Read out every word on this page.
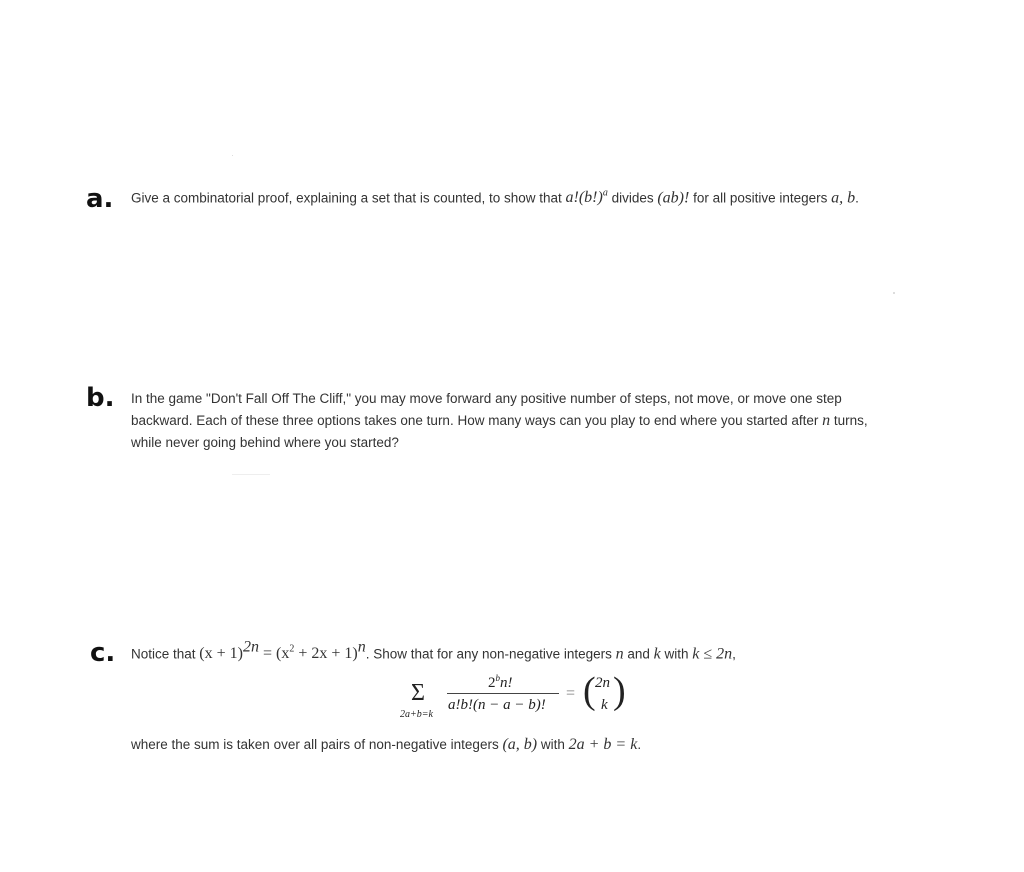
a.
b.
c.
Give a combinatorial proof, explaining a set that is counted, to show that $a!(b!)^a$ divides (ab)! for all positive integers a, b.
In the game "Don't Fall Off The Cliff," you may move forward any positive number of steps, not move, or move one step backward. Each of these three options takes one turn. How many ways can you play to end where you started after n turns, while never going behind where you started?
Notice that $(x + 1)^{2n} = (x^2 + 2x + 1)^n$. Show that for any non-negative integers n and k with k ≤ 2n,
Σ
2a+b=k
2$^b$n!
a!b!(n − a − b)!
= ( 2n
k )
where the sum is taken over all pairs of non-negative integers (a, b) with 2a + b = k.
